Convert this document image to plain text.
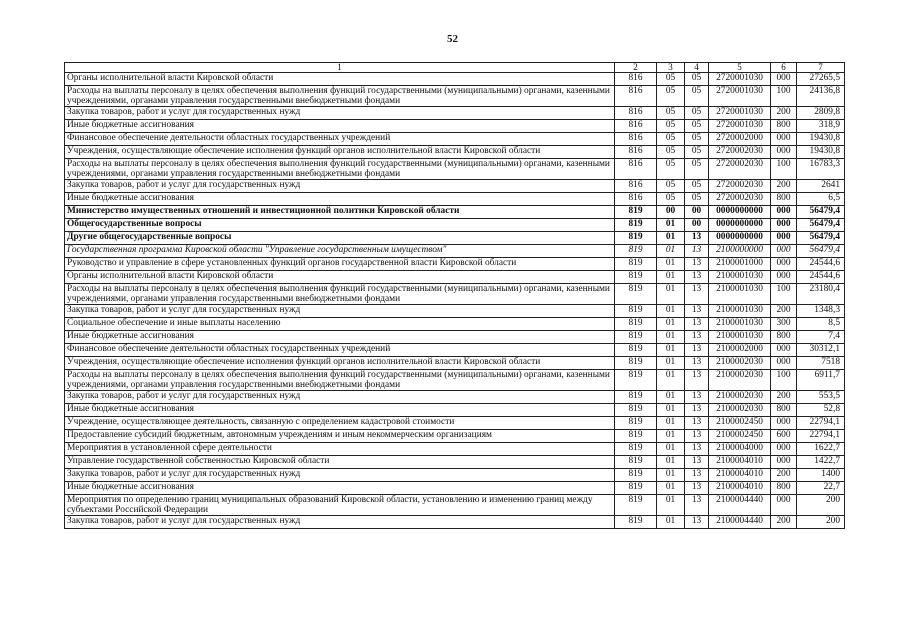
52
1	2	3	4	5	6	7
Органы исполнительной власти Кировской области	816	05	05	2720001030	000	27265,5
Расходы на выплаты персоналу в целях обеспечения выполнения функций государственными (муниципальными) органами, казенными учреждениями, органами управления государственными внебюджетными фондами	816	05	05	2720001030	100	24136,8
Закупка товаров, работ и услуг для государственных нужд	816	05	05	2720001030	200	2809,8
Иные бюджетные ассигнования	816	05	05	2720001030	800	318,9
Финансовое обеспечение деятельности областных государственных учреждений	816	05	05	2720002000	000	19430,8
Учреждения, осуществляющие обеспечение исполнения функций органов исполнительной власти Кировской области	816	05	05	2720002030	000	19430,8
Расходы на выплаты персоналу в целях обеспечения выполнения функций государственными (муниципальными) органами, казенными учреждениями, органами управления государственными внебюджетными фондами	816	05	05	2720002030	100	16783,3
Закупка товаров, работ и услуг для государственных нужд	816	05	05	2720002030	200	2641
Иные бюджетные ассигнования	816	05	05	2720002030	800	6,5
Министерство имущественных отношений и инвестиционной политики Кировской области	819	00	00	0000000000	000	56479,4
Общегосударственные вопросы	819	01	00	0000000000	000	56479,4
Другие общегосударственные вопросы	819	01	13	0000000000	000	56479,4
Государственная программа Кировской области "Управление государственным имуществом"	819	01	13	2100000000	000	56479,4
Руководство и управление в сфере установленных функций органов государственной власти Кировской области	819	01	13	2100001000	000	24544,6
Органы исполнительной власти Кировской области	819	01	13	2100001030	000	24544,6
Расходы на выплаты персоналу в целях обеспечения выполнения функций государственными (муниципальными) органами, казенными учреждениями, органами управления государственными внебюджетными фондами	819	01	13	2100001030	100	23180,4
Закупка товаров, работ и услуг для государственных нужд	819	01	13	2100001030	200	1348,3
Социальное обеспечение и иные выплаты населению	819	01	13	2100001030	300	8,5
Иные бюджетные ассигнования	819	01	13	2100001030	800	7,4
Финансовое обеспечение деятельности областных государственных учреждений	819	01	13	2100002000	000	30312,1
Учреждения, осуществляющие обеспечение исполнения функций органов исполнительной власти Кировской области	819	01	13	2100002030	000	7518
Расходы на выплаты персоналу в целях обеспечения выполнения функций государственными (муниципальными) органами, казенными учреждениями, органами управления государственными внебюджетными фондами	819	01	13	2100002030	100	6911,7
Закупка товаров, работ и услуг для государственных нужд	819	01	13	2100002030	200	553,5
Иные бюджетные ассигнования	819	01	13	2100002030	800	52,8
Учреждение, осуществляющее деятельность, связанную с определением кадастровой стоимости	819	01	13	2100002450	000	22794,1
Предоставление субсидий бюджетным, автономным учреждениям и иным некоммерческим организациям	819	01	13	2100002450	600	22794,1
Мероприятия в установленной сфере деятельности	819	01	13	2100004000	000	1622,7
Управление государственной собственностью Кировской области	819	01	13	2100004010	000	1422,7
Закупка товаров, работ и услуг для государственных нужд	819	01	13	2100004010	200	1400
Иные бюджетные ассигнования	819	01	13	2100004010	800	22,7
Мероприятия по определению границ муниципальных образований Кировской области, установлению и изменению границ между субъектами Российской Федерации	819	01	13	2100004440	000	200
Закупка товаров, работ и услуг для государственных нужд	819	01	13	2100004440	200	200
